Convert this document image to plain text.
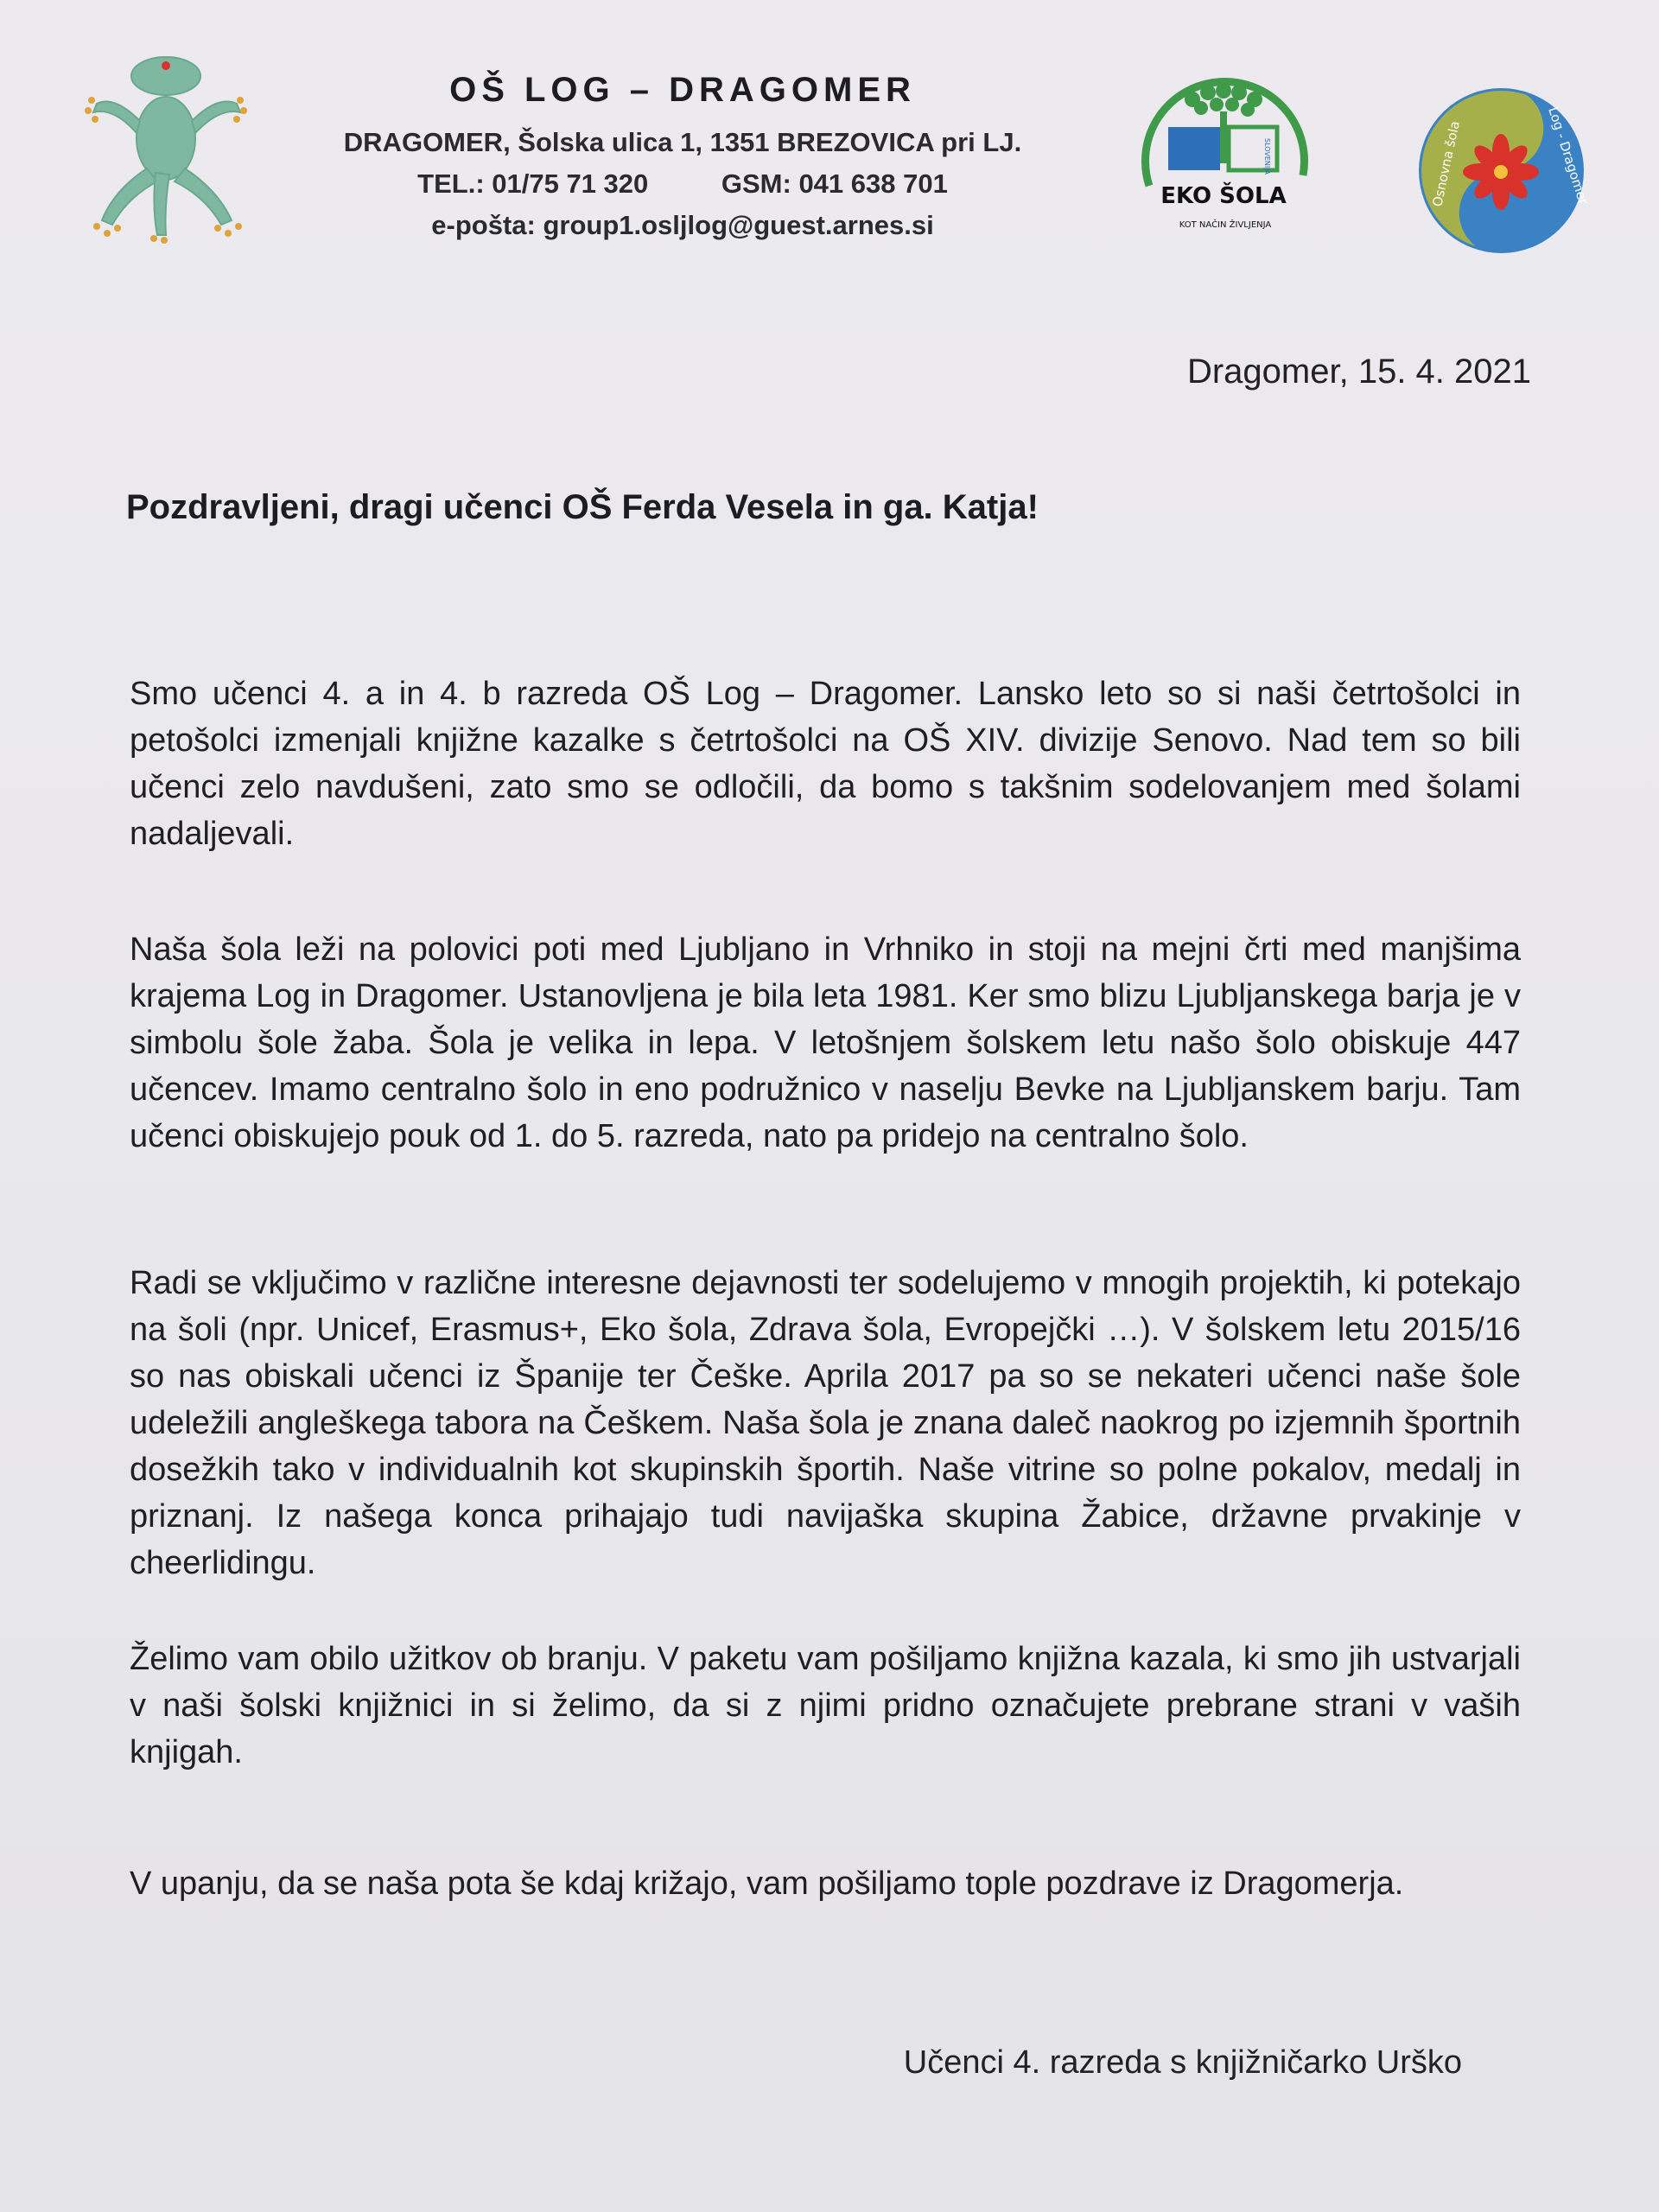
OŠ LOG – DRAGOMER
DRAGOMER, Šolska ulica 1, 1351 BREZOVICA pri LJ.
TEL.: 01/75 71 320	GSM: 041 638 701
e-pošta: group1.osljlog@guest.arnes.si
SLOVENIJA
EKO ŠOLA
KOT NAČIN ŽIVLJENJA
Osnovna šola	Log - Dragomer
Dragomer, 15. 4. 2021
Pozdravljeni, dragi učenci OŠ Ferda Vesela in ga. Katja!

Smo učenci 4. a in 4. b razreda OŠ Log – Dragomer. Lansko leto so si naši četrtošolci in petošolci izmenjali knjižne kazalke s četrtošolci na OŠ XIV. divizije Senovo. Nad tem so bili učenci zelo navdušeni, zato smo se odločili, da bomo s takšnim sodelovanjem med šolami nadaljevali.

Naša šola leži na polovici poti med Ljubljano in Vrhniko in stoji na mejni črti med manjšima krajema Log in Dragomer. Ustanovljena je bila leta 1981. Ker smo blizu Ljubljanskega barja je v simbolu šole žaba. Šola je velika in lepa. V letošnjem šolskem letu našo šolo obiskuje 447 učencev. Imamo centralno šolo in eno podružnico v naselju Bevke na Ljubljanskem barju. Tam učenci obiskujejo pouk od 1. do 5. razreda, nato pa pridejo na centralno šolo.

Radi se vključimo v različne interesne dejavnosti ter sodelujemo v mnogih projektih, ki potekajo na šoli (npr. Unicef, Erasmus+, Eko šola, Zdrava šola, Evropejčki …). V šolskem letu 2015/16 so nas obiskali učenci iz Španije ter Češke. Aprila 2017 pa so se nekateri učenci naše šole udeležili angleškega tabora na Češkem. Naša šola je znana daleč naokrog po izjemnih športnih dosežkih tako v individualnih kot skupinskih športih. Naše vitrine so polne pokalov, medalj in priznanj. Iz našega konca prihajajo tudi navijaška skupina Žabice, državne prvakinje v cheerlidingu.

Želimo vam obilo užitkov ob branju. V paketu vam pošiljamo knjižna kazala, ki smo jih ustvarjali v naši šolski knjižnici in si želimo, da si z njimi pridno označujete prebrane strani v vaših knjigah.

V upanju, da se naša pota še kdaj križajo, vam pošiljamo tople pozdrave iz Dragomerja.

Učenci 4. razreda s knjižničarko Urško
